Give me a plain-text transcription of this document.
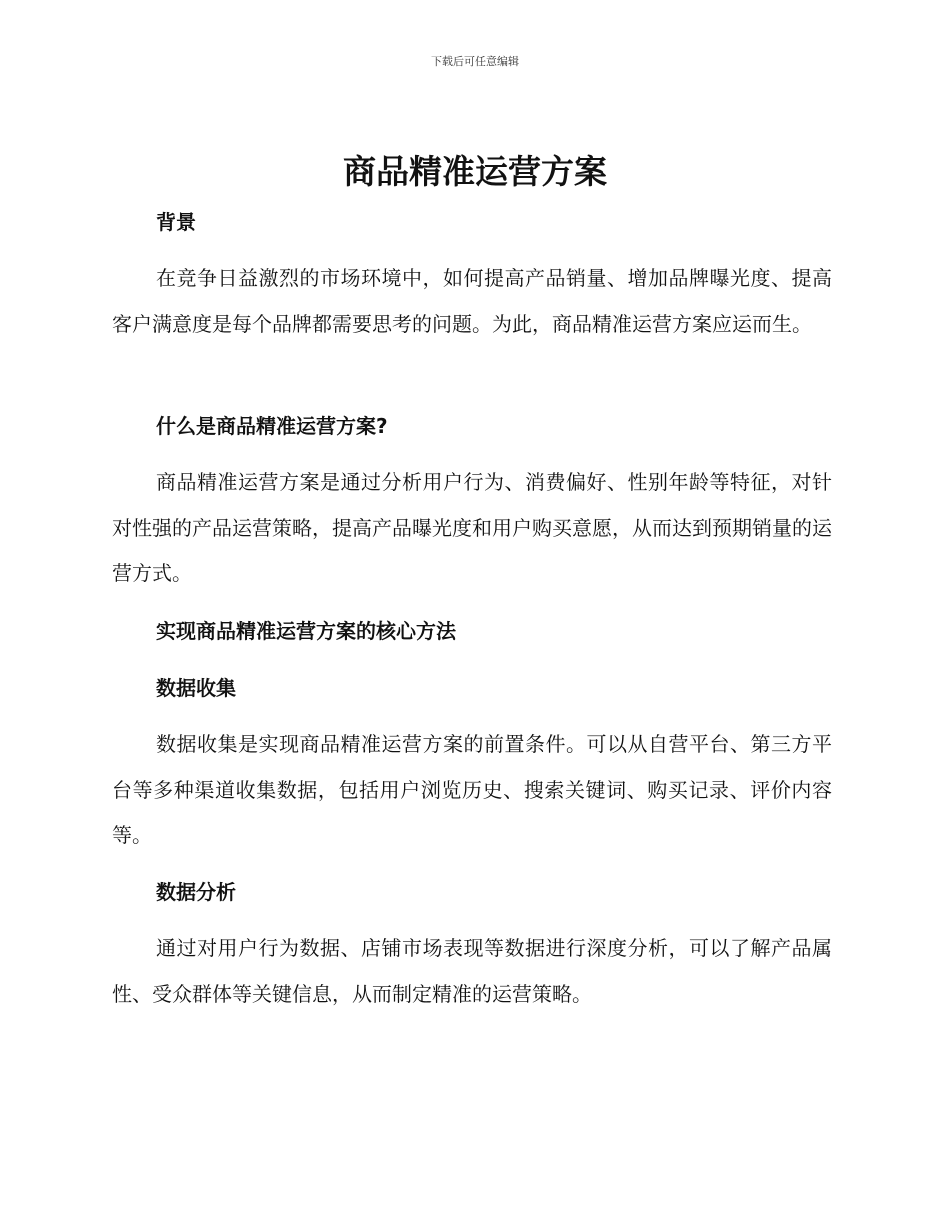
下载后可任意编辑
商品精准运营方案
背景

在竞争日益激烈的市场环境中，如何提高产品销量、增加品牌曝光度、提高客户满意度是每个品牌都需要思考的问题。为此，商品精准运营方案应运而生。

什么是商品精准运营方案?

商品精准运营方案是通过分析用户行为、消费偏好、性别年龄等特征，对针对性强的产品运营策略，提高产品曝光度和用户购买意愿，从而达到预期销量的运营方式。

实现商品精准运营方案的核心方法
数据收集

数据收集是实现商品精准运营方案的前置条件。可以从自营平台、第三方平台等多种渠道收集数据，包括用户浏览历史、搜索关键词、购买记录、评价内容等。

数据分析

通过对用户行为数据、店铺市场表现等数据进行深度分析，可以了解产品属性、受众群体等关键信息，从而制定精准的运营策略。
